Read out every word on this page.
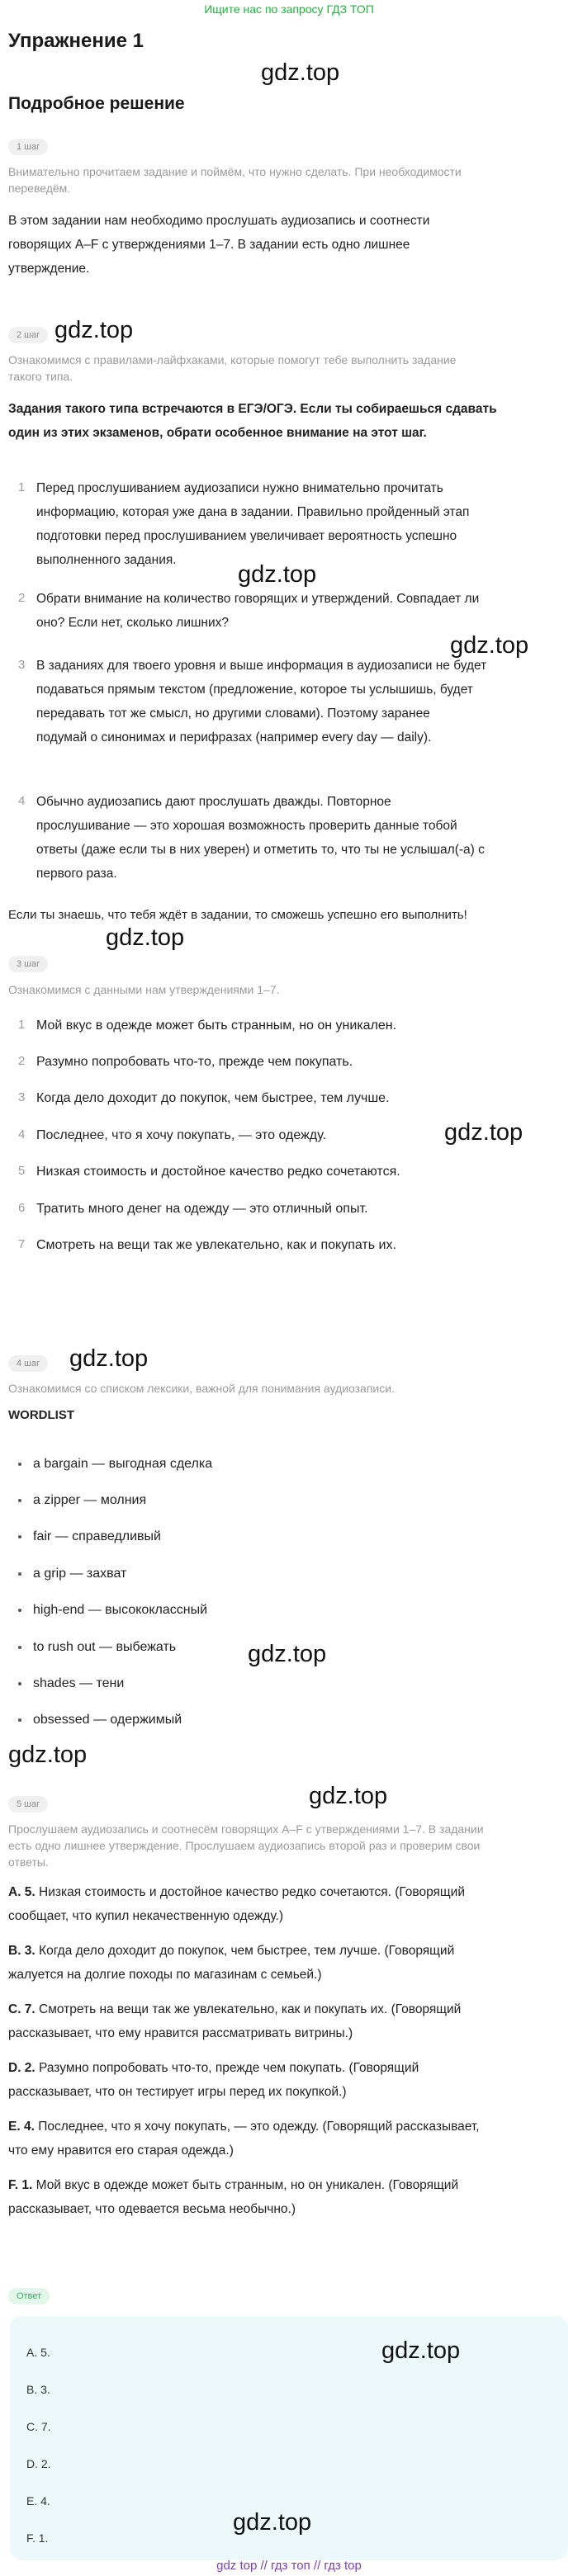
Ищите нас по запросу ГДЗ ТОП
Упражнение 1
gdz.top
Подробное решение
1 шаг
Внимательно прочитаем задание и поймём, что нужно сделать. При необходимости
переведём.
В этом задании нам необходимо прослушать аудиозапись и соотнести
говорящих A–F с утверждениями 1–7. В задании есть одно лишнее
утверждение.
2 шаг gdz.top
Ознакомимся с правилами-лайфхаками, которые помогут тебе выполнить задание
такого типа.
Задания такого типа встречаются в ЕГЭ/ОГЭ. Если ты собираешься сдавать
один из этих экзаменов, обрати особенное внимание на этот шаг.
1 Перед прослушиванием аудиозаписи нужно внимательно прочитать
информацию, которая уже дана в задании. Правильно пройденный этап
подготовки перед прослушиванием увеличивает вероятность успешно
выполненного задания.
gdz.top
2 Обрати внимание на количество говорящих и утверждений. Совпадает ли
оно? Если нет, сколько лишних?
gdz.top
3 В заданиях для твоего уровня и выше информация в аудиозаписи не будет
подаваться прямым текстом (предложение, которое ты услышишь, будет
передавать тот же смысл, но другими словами). Поэтому заранее
подумай о синонимах и перифразах (например every day — daily).
4 Обычно аудиозапись дают прослушать дважды. Повторное
прослушивание — это хорошая возможность проверить данные тобой
ответы (даже если ты в них уверен) и отметить то, что ты не услышал(-а) с
первого раза.
Если ты знаешь, что тебя ждёт в задании, то сможешь успешно его выполнить!
gdz.top
3 шаг
Ознакомимся с данными нам утверждениями 1–7.
1 Мой вкус в одежде может быть странным, но он уникален.
2 Разумно попробовать что-то, прежде чем покупать.
3 Когда дело доходит до покупок, чем быстрее, тем лучше.
4 Последнее, что я хочу покупать, — это одежду.	gdz.top
5 Низкая стоимость и достойное качество редко сочетаются.
6 Тратить много денег на одежду — это отличный опыт.
7 Смотреть на вещи так же увлекательно, как и покупать их.
4 шаг	gdz.top
Ознакомимся со списком лексики, важной для понимания аудиозаписи.
WORDLIST
a bargain — выгодная сделка
a zipper — молния
fair — справедливый
a grip — захват
high-end — высококлассный
to rush out — выбежать	gdz.top
shades — тени
obsessed — одержимый
gdz.top
gdz.top
5 шаг
Прослушаем аудиозапись и соотнесём говорящих A–F с утверждениями 1–7. В задании
есть одно лишнее утверждение. Прослушаем аудиозапись второй раз и проверим свои
ответы.
A. 5. Низкая стоимость и достойное качество редко сочетаются. (Говорящий
сообщает, что купил некачественную одежду.)
B. 3. Когда дело доходит до покупок, чем быстрее, тем лучше. (Говорящий
жалуется на долгие походы по магазинам с семьей.)
C. 7. Смотреть на вещи так же увлекательно, как и покупать их. (Говорящий
рассказывает, что ему нравится рассматривать витрины.)
D. 2. Разумно попробовать что-то, прежде чем покупать. (Говорящий
рассказывает, что он тестирует игры перед их покупкой.)
E. 4. Последнее, что я хочу покупать, — это одежду. (Говорящий рассказывает,
что ему нравится его старая одежда.)
F. 1. Мой вкус в одежде может быть странным, но он уникален. (Говорящий
рассказывает, что одевается весьма необычно.)
Ответ
A. 5.	gdz.top
B. 3.
C. 7.
D. 2.
E. 4.
F. 1.
gdz.top
gdz top // гдз топ // гдз top
